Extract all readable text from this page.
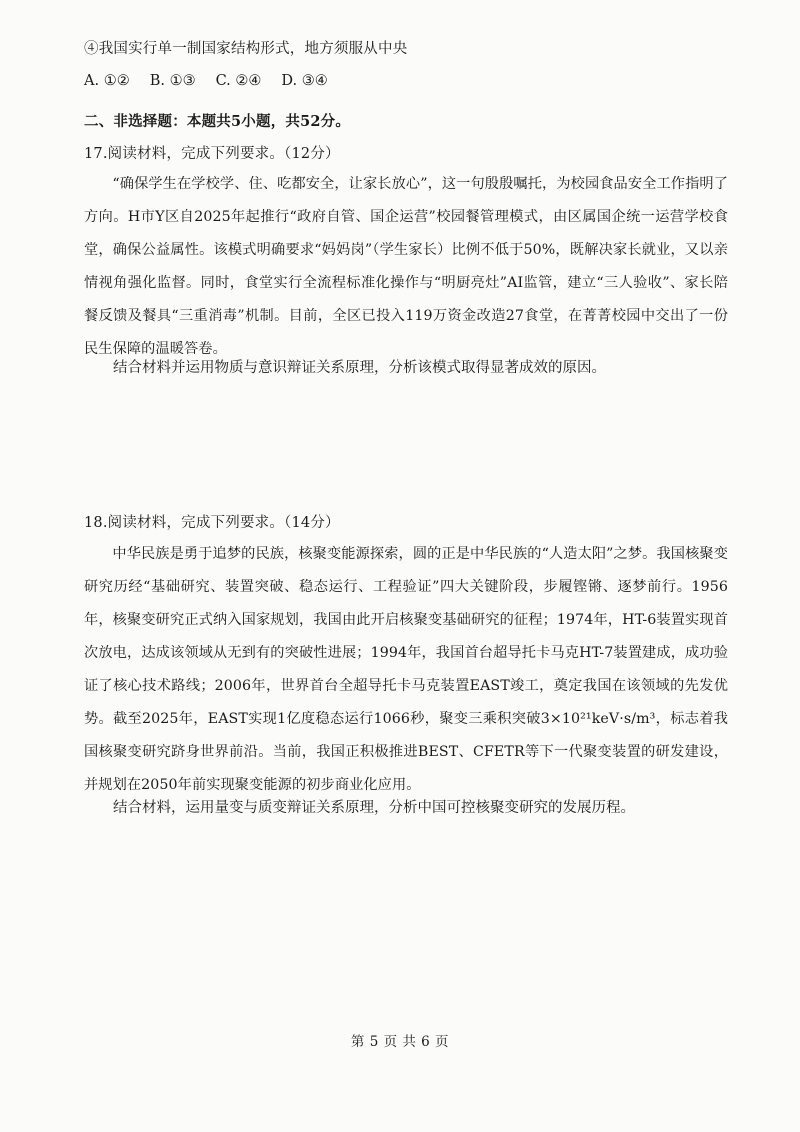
④我国实行单一制国家结构形式，地方须服从中央

A. ①② B. ①③ C. ②④ D. ③④

二、非选择题：本题共5小题，共52分。

17.阅读材料，完成下列要求。（12分）

“确保学生在学校学、住、吃都安全，让家长放心”，这一句殷殷嘱托，为校园食品安全工作指明了方向。H市Y区自2025年起推行“政府自管、国企运营”校园餐管理模式，由区属国企统一运营学校食堂，确保公益属性。该模式明确要求“妈妈岗”（学生家长）比例不低于50%，既解决家长就业，又以亲情视角强化监督。同时，食堂实行全流程标准化操作与“明厨亮灶”AI监管，建立“三人验收”、家长陪餐反馈及餐具“三重消毒”机制。目前，全区已投入119万资金改造27食堂，在菁菁校园中交出了一份民生保障的温暖答卷。

结合材料并运用物质与意识辩证关系原理，分析该模式取得显著成效的原因。

18.阅读材料，完成下列要求。（14分）

中华民族是勇于追梦的民族，核聚变能源探索，圆的正是中华民族的“人造太阳”之梦。我国核聚变研究历经“基础研究、装置突破、稳态运行、工程验证”四大关键阶段，步履铿锵、逐梦前行。1956年，核聚变研究正式纳入国家规划，我国由此开启核聚变基础研究的征程；1974年，HT-6装置实现首次放电，达成该领域从无到有的突破性进展；1994年，我国首台超导托卡马克HT-7装置建成，成功验证了核心技术路线；2006年，世界首台全超导托卡马克装置EAST竣工，奠定我国在该领域的先发优势。截至2025年，EAST实现1亿度稳态运行1066秒，聚变三乘积突破3×10²¹keV·s/m³，标志着我国核聚变研究跻身世界前沿。当前，我国正积极推进BEST、CFETR等下一代聚变装置的研发建设，并规划在2050年前实现聚变能源的初步商业化应用。

结合材料，运用量变与质变辩证关系原理，分析中国可控核聚变研究的发展历程。

第 5 页 共 6 页
